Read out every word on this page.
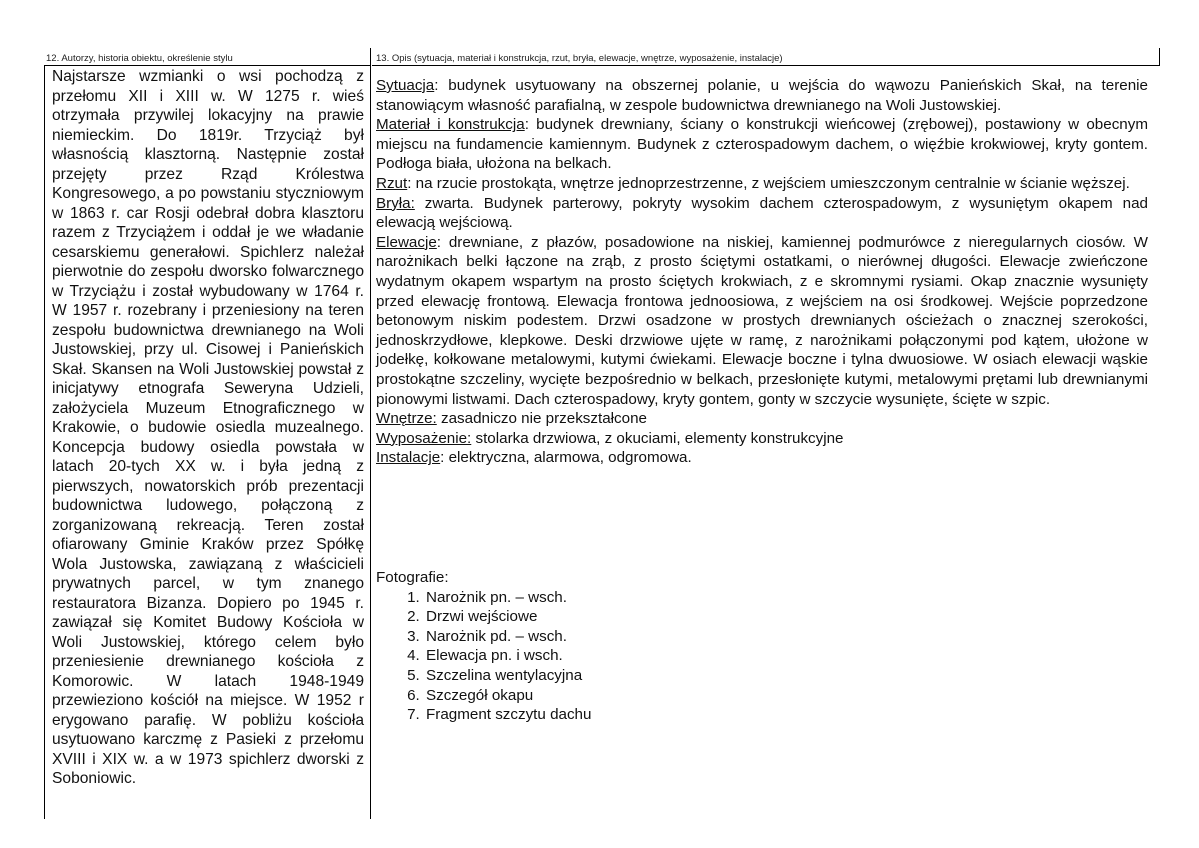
12. Autorzy, historia obiektu, określenie stylu	13. Opis (sytuacja, materiał i konstrukcja, rzut, bryła, elewacje, wnętrze, wyposażenie, instalacje)

Najstarsze wzmianki o wsi pochodzą z przełomu XII i XIII w. W 1275 r. wieś otrzymała przywilej lokacyjny na prawie niemieckim. Do 1819r. Trzyciąż był własnością klasztorną. Następnie został przejęty przez Rząd Królestwa Kongresowego, a po powstaniu styczniowym w 1863 r. car Rosji odebrał dobra klasztoru razem z Trzyciążem i oddał je we władanie cesarskiemu generałowi. Spichlerz należał pierwotnie do zespołu dworsko folwarcznego w Trzyciążu i został wybudowany w 1764 r. W 1957 r. rozebrany i przeniesiony na teren zespołu budownictwa drewnianego na Woli Justowskiej, przy ul. Cisowej i Panieńskich Skał. Skansen na Woli Justowskiej powstał z inicjatywy etnografa Seweryna Udzieli, założyciela Muzeum Etnograficznego w Krakowie, o budowie osiedla muzealnego. Koncepcja budowy osiedla powstała w latach 20-tych XX w. i była jedną z pierwszych, nowatorskich prób prezentacji budownictwa ludowego, połączoną z zorganizowaną rekreacją. Teren został ofiarowany Gminie Kraków przez Spółkę Wola Justowska, zawiązaną z właścicieli prywatnych parcel, w tym znanego restauratora Bizanza. Dopiero po 1945 r. zawiązał się Komitet Budowy Kościoła w Woli Justowskiej, którego celem było przeniesienie drewnianego kościoła z Komorowic. W latach 1948-1949 przewieziono kościół na miejsce. W 1952 r erygowano parafię. W pobliżu kościoła usytuowano karczmę z Pasieki z przełomu XVIII i XIX w. a w 1973 spichlerz dworski z Soboniowic.

Sytuacja: budynek usytuowany na obszernej polanie, u wejścia do wąwozu Panieńskich Skał, na terenie stanowiącym własność parafialną, w zespole budownictwa drewnianego na Woli Justowskiej.

Materiał i konstrukcja: budynek drewniany, ściany o konstrukcji wieńcowej (zrębowej), postawiony w obecnym miejscu na fundamencie kamiennym. Budynek z czterospadowym dachem, o więźbie krokwiowej, kryty gontem. Podłoga biała, ułożona na belkach.

Rzut: na rzucie prostokąta, wnętrze jednoprzestrzenne, z wejściem umieszczonym centralnie w ścianie węższej.

Bryła: zwarta. Budynek parterowy, pokryty wysokim dachem czterospadowym, z wysuniętym okapem nad elewacją wejściową.

Elewacje: drewniane, z płazów, posadowione na niskiej, kamiennej podmurówce z nieregularnych ciosów. W narożnikach belki łączone na zrąb, z prosto ściętymi ostatkami, o nierównej długości. Elewacje zwieńczone wydatnym okapem wspartym na prosto ściętych krokwiach, z e skromnymi rysiami. Okap znacznie wysunięty przed elewację frontową. Elewacja frontowa jednoosiowa, z wejściem na osi środkowej. Wejście poprzedzone betonowym niskim podestem. Drzwi osadzone w prostych drewnianych ościeżach o znacznej szerokości, jednoskrzydłowe, klepkowe. Deski drzwiowe ujęte w ramę, z narożnikami połączonymi pod kątem, ułożone w jodełkę, kołkowane metalowymi, kutymi ćwiekami. Elewacje boczne i tylna dwuosiowe. W osiach elewacji wąskie prostokątne szczeliny, wycięte bezpośrednio w belkach, przesłonięte kutymi, metalowymi prętami lub drewnianymi pionowymi listwami. Dach czterospadowy, kryty gontem, gonty w szczycie wysunięte, ścięte w szpic.

Wnętrze: zasadniczo nie przekształcone

Wyposażenie: stolarka drzwiowa, z okuciami, elementy konstrukcyjne

Instalacje: elektryczna, alarmowa, odgromowa.

Fotografie:
1. Narożnik pn. – wsch.
2. Drzwi wejściowe
3. Narożnik pd. – wsch.
4. Elewacja pn. i wsch.
5. Szczelina wentylacyjna
6. Szczegół okapu
7. Fragment szczytu dachu
